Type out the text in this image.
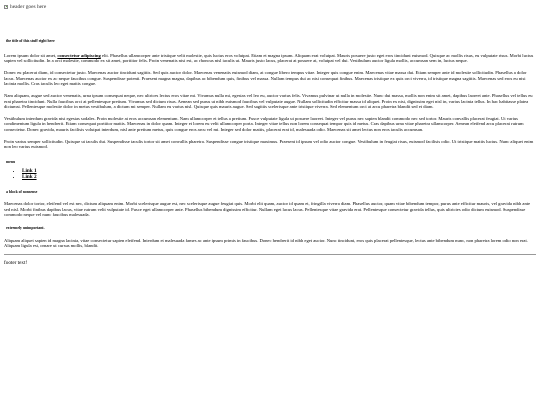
header goes here
the title of this stuff right here

Lorem ipsum dolor sit amet, consectetur adipiscing elit. Phasellus ullamcorper ante tristique velit molestie, quis luctus eros volutpat. Etiam et magna ipsum. Aliquam erat volutpat. Mauris posuere justo eget eros tincidunt euismod. Quisque ac mollis risus, eu vulputate risus. Morbi luctus sapien vel sollicitudin. In a orci molestie, commodo ex sit amet, porttitor felis. Proin venenatis nisi est, ac rhoncus nisl iaculis ut. Mauris justo lacus, placerat at posuere at, volutpat vel dui. Vestibulum auctor ligula mollis, accumsan sem in, luctus neque.

Donec eu placerat diam, id consectetur justo. Maecenas auctor tincidunt sagittis. Sed quis auctor dolor. Maecenas venenatis euismod diam, at congue libero tempus vitae. Integer quis congue enim. Maecenas vitae massa dui. Etiam semper ante id molestie sollicitudin. Phasellus a dolor lacus. Maecenas auctor ex ac neque faucibus congue. Suspendisse potenti. Praesent magna magna, dapibus ac bibendum quis, finibus vel massa. Nullam tempus dui ac nisi consequat finibus. Maecenas tristique ex quis orci viverra, id tristique magna sagittis. Maecenas sed eros eu nisi lacinia mollis. Cras iaculis leo eget mattis congue.

Nam aliquam, augue sed auctor venenatis, urna ipsum consequat neque, nec ultrices lectus eros vitae mi. Vivamus nulla mi, egestas vel leo eu, auctor varius felis. Vivamus pulvinar ut nulla in molestie. Nunc dui massa, mollis non enim sit amet, dapibus laoreet ante. Phasellus vel tellus eu erat pharetra tincidunt. Nulla faucibus orci at pellentesque pretium. Vivamus sed dictum risus. Aenean sed purus ut nibh euismod faucibus vel vulputate augue. Nullam sollicitudin efficitur massa id aliquet. Proin ex nisi, dignissim eget nisl in, varius lacinia tellus. In hac habitasse platea dictumst. Pellentesque molestie dolor in metus vestibulum, a dictum mi semper. Nullam eu varius nisl. Quisque quis mauris augue. Sed sagittis scelerisque ante tristique viverra. Sed elementum orci at arcu pharetra blandit sed et diam.

Vestibulum interdum gravida nisi egestas sodales. Proin molestie at eros accumsan elementum. Nam ullamcorper et tellus a pretium. Fusce vulputate ligula ut posuere laoreet. Integer vel purus nec sapien blandit commodo nec sed tortor. Mauris convallis placerat feugiat. Ut varius condimentum ligula in hendrerit. Etiam consequat porttitor mattis. Maecenas in dolor quam. Integer et lorem eu velit ullamcorper porta. Integer vitae tellus non lorem consequat tempor quis id metus. Cras dapibus urna vitae pharetra ullamcorper. Aenean eleifend arcu placerat rutrum consectetur. Donec gravida, mauris facilisis volutpat interdum, nisl ante pretium metus, quis congue eros arcu vel mi. Integer sed dolor mattis, placerat erat id, malesuada odio. Maecenas sit amet lectus non eros iaculis accumsan.

Proin varius semper sollicitudin. Quisque ut iaculis dui. Suspendisse iaculis tortor sit amet convallis pharetra. Suspendisse congue tristique maximus. Praesent id ipsum vel odio auctor congue. Vestibulum in feugiat risus, euismod facilisis odio. Ut tristique mattis luctus. Nunc aliquet enim non leo varius euismod.

menu
• Link 1
• Link 2
a block of nonsense

Maecenas dolor tortor, eleifend vel est nec, dictum aliquam enim. Morbi scelerisque augue est, nec scelerisque augue feugiat quis. Morbi elit quam, auctor id quam et, fringilla viverra diam. Phasellus auctor, quam vitae bibendum tempor, purus ante efficitur mauris, vel gravida nibh ante sed nisl. Morbi finibus dapibus lacus, vitae rutrum velit vulputate id. Fusce eget ullamcorper ante. Phasellus bibendum dignissim efficitur. Nullam eget lacus lacus. Pellentesque vitae gravida erat. Pellentesque consectetur gravida tellus, quis ultricies odio dictum euismod. Suspendisse commodo neque vel nunc faucibus malesuada.

extremely unimportant.

Aliquam aliquet sapien id magna lacinia, vitae consectetur sapien eleifend. Interdum et malesuada fames ac ante ipsum primis in faucibus. Donec hendrerit id nibh eget auctor. Nunc tincidunt, eros quis placerat pellentesque, lectus ante bibendum nunc, non pharetra lorem odio non erat. Aliquam ligula est, ornare ut cursus mollis, blandit.

footer text!
